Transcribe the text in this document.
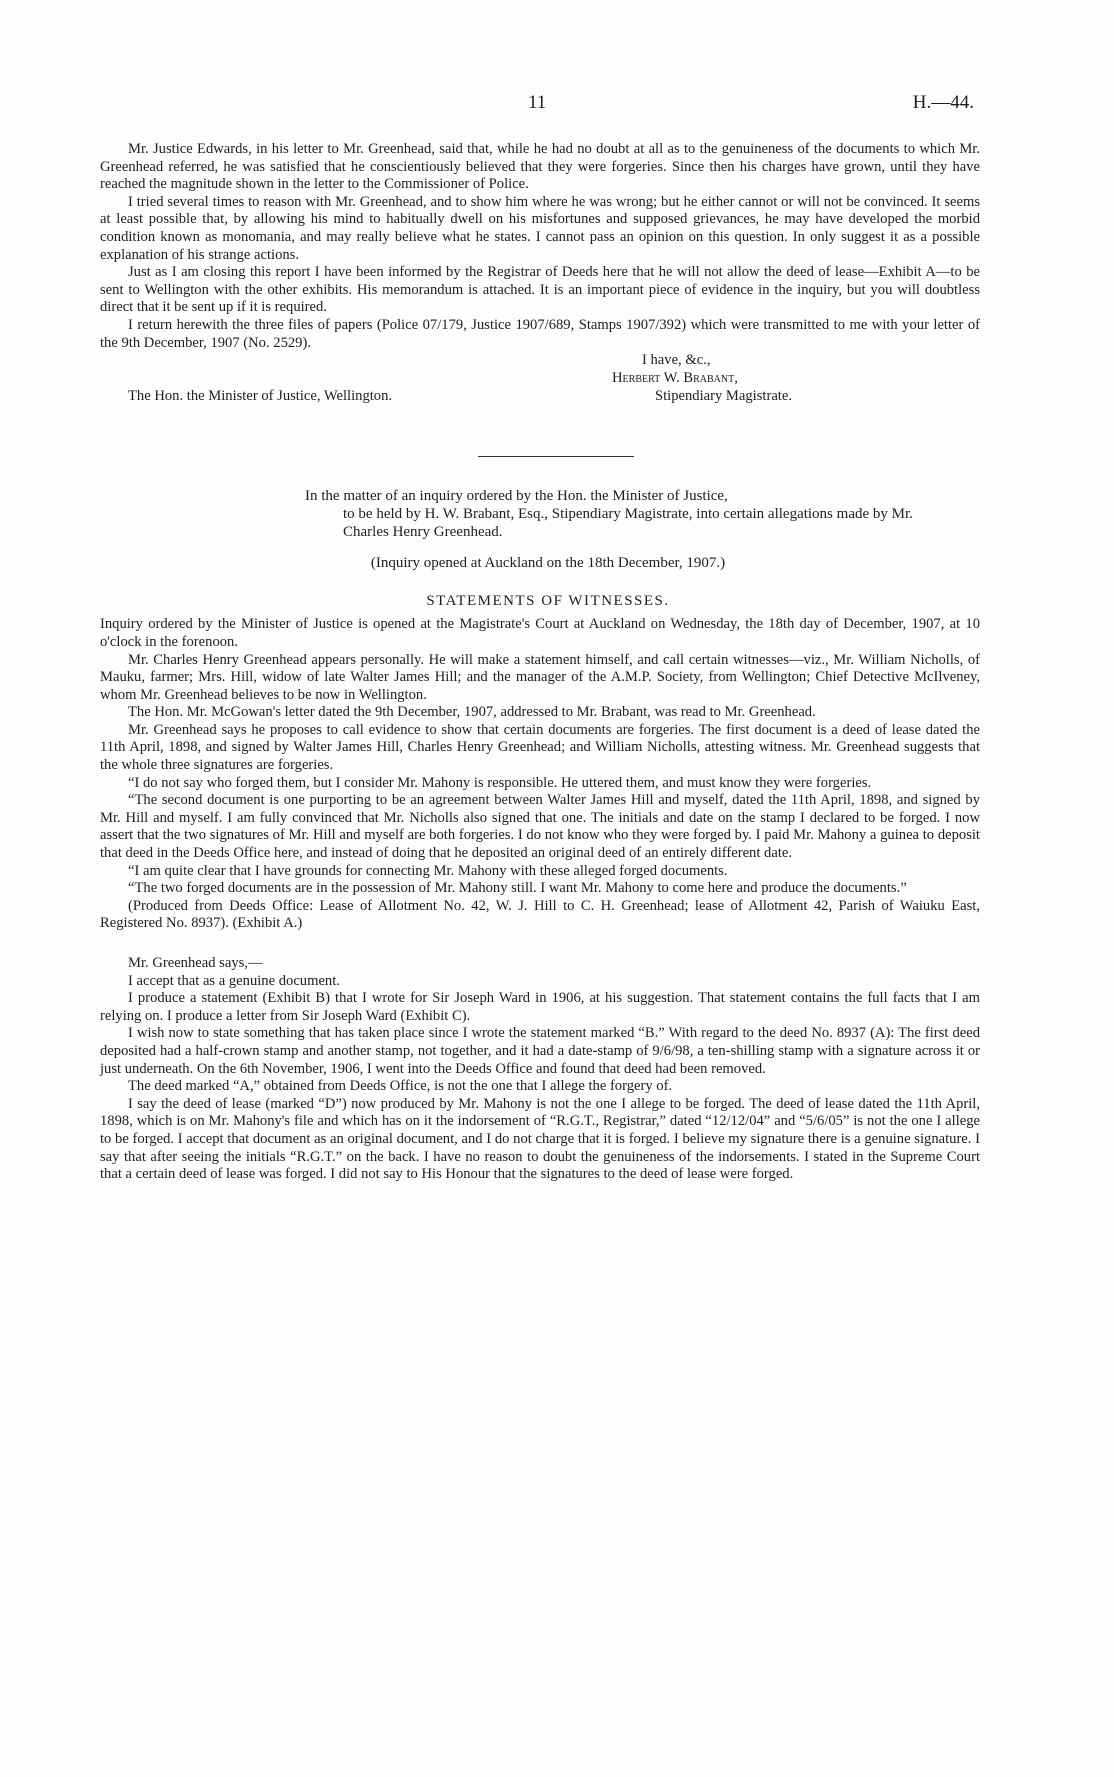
11	H.—44.

Mr. Justice Edwards, in his letter to Mr. Greenhead, said that, while he had no doubt at all as to the genuineness of the documents to which Mr. Greenhead referred, he was satisfied that he conscientiously believed that they were forgeries. Since then his charges have grown, until they have reached the magnitude shown in the letter to the Commissioner of Police.

I tried several times to reason with Mr. Greenhead, and to show him where he was wrong; but he either cannot or will not be convinced. It seems at least possible that, by allowing his mind to habitually dwell on his misfortunes and supposed grievances, he may have developed the morbid condition known as monomania, and may really believe what he states. I cannot pass an opinion on this question. In only suggest it as a possible explanation of his strange actions.

Just as I am closing this report I have been informed by the Registrar of Deeds here that he will not allow the deed of lease—Exhibit A—to be sent to Wellington with the other exhibits. His memorandum is attached. It is an important piece of evidence in the inquiry, but you will doubtless direct that it be sent up if it is required.

I return herewith the three files of papers (Police 07/179, Justice 1907/689, Stamps 1907/392) which were transmitted to me with your letter of the 9th December, 1907 (No. 2529).

I have, &c.,
Herbert W. Brabant,
Stipendiary Magistrate.
The Hon. the Minister of Justice, Wellington.
In the matter of an inquiry ordered by the Hon. the Minister of Justice,
to be held by H. W. Brabant, Esq., Stipendiary Magistrate, into certain allegations made by Mr. Charles Henry Greenhead.
(Inquiry opened at Auckland on the 18th December, 1907.)
STATEMENTS OF WITNESSES.

Inquiry ordered by the Minister of Justice is opened at the Magistrate's Court at Auckland on Wednesday, the 18th day of December, 1907, at 10 o'clock in the forenoon.

Mr. Charles Henry Greenhead appears personally. He will make a statement himself, and call certain witnesses—viz., Mr. William Nicholls, of Mauku, farmer; Mrs. Hill, widow of late Walter James Hill; and the manager of the A.M.P. Society, from Wellington; Chief Detective McIlveney, whom Mr. Greenhead believes to be now in Wellington.

The Hon. Mr. McGowan's letter dated the 9th December, 1907, addressed to Mr. Brabant, was read to Mr. Greenhead.

Mr. Greenhead says he proposes to call evidence to show that certain documents are forgeries. The first document is a deed of lease dated the 11th April, 1898, and signed by Walter James Hill, Charles Henry Greenhead; and William Nicholls, attesting witness. Mr. Greenhead suggests that the whole three signatures are forgeries.

“I do not say who forged them, but I consider Mr. Mahony is responsible. He uttered them, and must know they were forgeries.

“The second document is one purporting to be an agreement between Walter James Hill and myself, dated the 11th April, 1898, and signed by Mr. Hill and myself. I am fully convinced that Mr. Nicholls also signed that one. The initials and date on the stamp I declared to be forged. I now assert that the two signatures of Mr. Hill and myself are both forgeries. I do not know who they were forged by. I paid Mr. Mahony a guinea to deposit that deed in the Deeds Office here, and instead of doing that he deposited an original deed of an entirely different date.

“I am quite clear that I have grounds for connecting Mr. Mahony with these alleged forged documents.

“The two forged documents are in the possession of Mr. Mahony still. I want Mr. Mahony to come here and produce the documents.”

(Produced from Deeds Office: Lease of Allotment No. 42, W. J. Hill to C. H. Greenhead; lease of Allotment 42, Parish of Waiuku East, Registered No. 8937). (Exhibit A.)

Mr. Greenhead says,—

I accept that as a genuine document.

I produce a statement (Exhibit B) that I wrote for Sir Joseph Ward in 1906, at his suggestion. That statement contains the full facts that I am relying on. I produce a letter from Sir Joseph Ward (Exhibit C).

I wish now to state something that has taken place since I wrote the statement marked “B.” With regard to the deed No. 8937 (A): The first deed deposited had a half-crown stamp and another stamp, not together, and it had a date-stamp of 9/6/98, a ten-shilling stamp with a signature across it or just underneath. On the 6th November, 1906, I went into the Deeds Office and found that deed had been removed.

The deed marked “A,” obtained from Deeds Office, is not the one that I allege the forgery of.

I say the deed of lease (marked “D”) now produced by Mr. Mahony is not the one I allege to be forged. The deed of lease dated the 11th April, 1898, which is on Mr. Mahony's file and which has on it the indorsement of “R.G.T., Registrar,” dated “12/12/04” and “5/6/05” is not the one I allege to be forged. I accept that document as an original document, and I do not charge that it is forged. I believe my signature there is a genuine signature. I say that after seeing the initials “R.G.T.” on the back. I have no reason to doubt the genuineness of the indorsements. I stated in the Supreme Court that a certain deed of lease was forged. I did not say to His Honour that the signatures to the deed of lease were forged.
